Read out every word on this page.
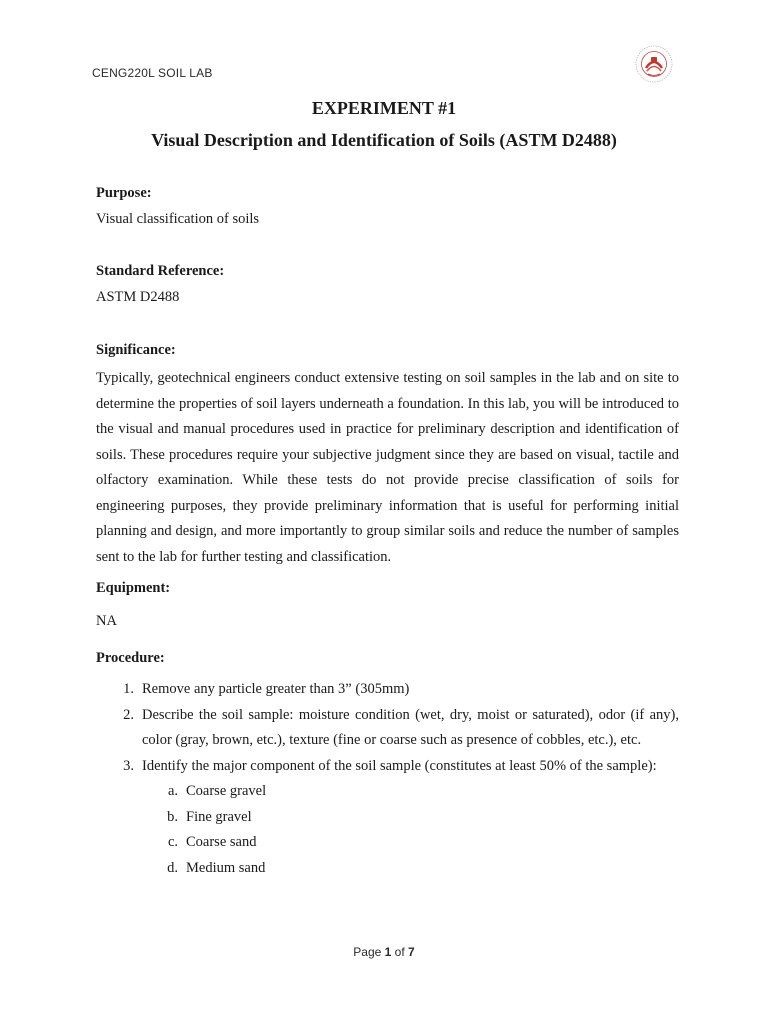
CENG220L SOIL LAB
EXPERIMENT #1
Visual Description and Identification of Soils (ASTM D2488)
Purpose:
Visual classification of soils
Standard Reference:
ASTM D2488
Significance:
Typically, geotechnical engineers conduct extensive testing on soil samples in the lab and on site to determine the properties of soil layers underneath a foundation. In this lab, you will be introduced to the visual and manual procedures used in practice for preliminary description and identification of soils. These procedures require your subjective judgment since they are based on visual, tactile and olfactory examination. While these tests do not provide precise classification of soils for engineering purposes, they provide preliminary information that is useful for performing initial planning and design, and more importantly to group similar soils and reduce the number of samples sent to the lab for further testing and classification.
Equipment:
NA
Procedure:
1. Remove any particle greater than 3” (305mm)
2. Describe the soil sample: moisture condition (wet, dry, moist or saturated), odor (if any), color (gray, brown, etc.), texture (fine or coarse such as presence of cobbles, etc.), etc.
3. Identify the major component of the soil sample (constitutes at least 50% of the sample):
a. Coarse gravel
b. Fine gravel
c. Coarse sand
d. Medium sand
Page 1 of 7
